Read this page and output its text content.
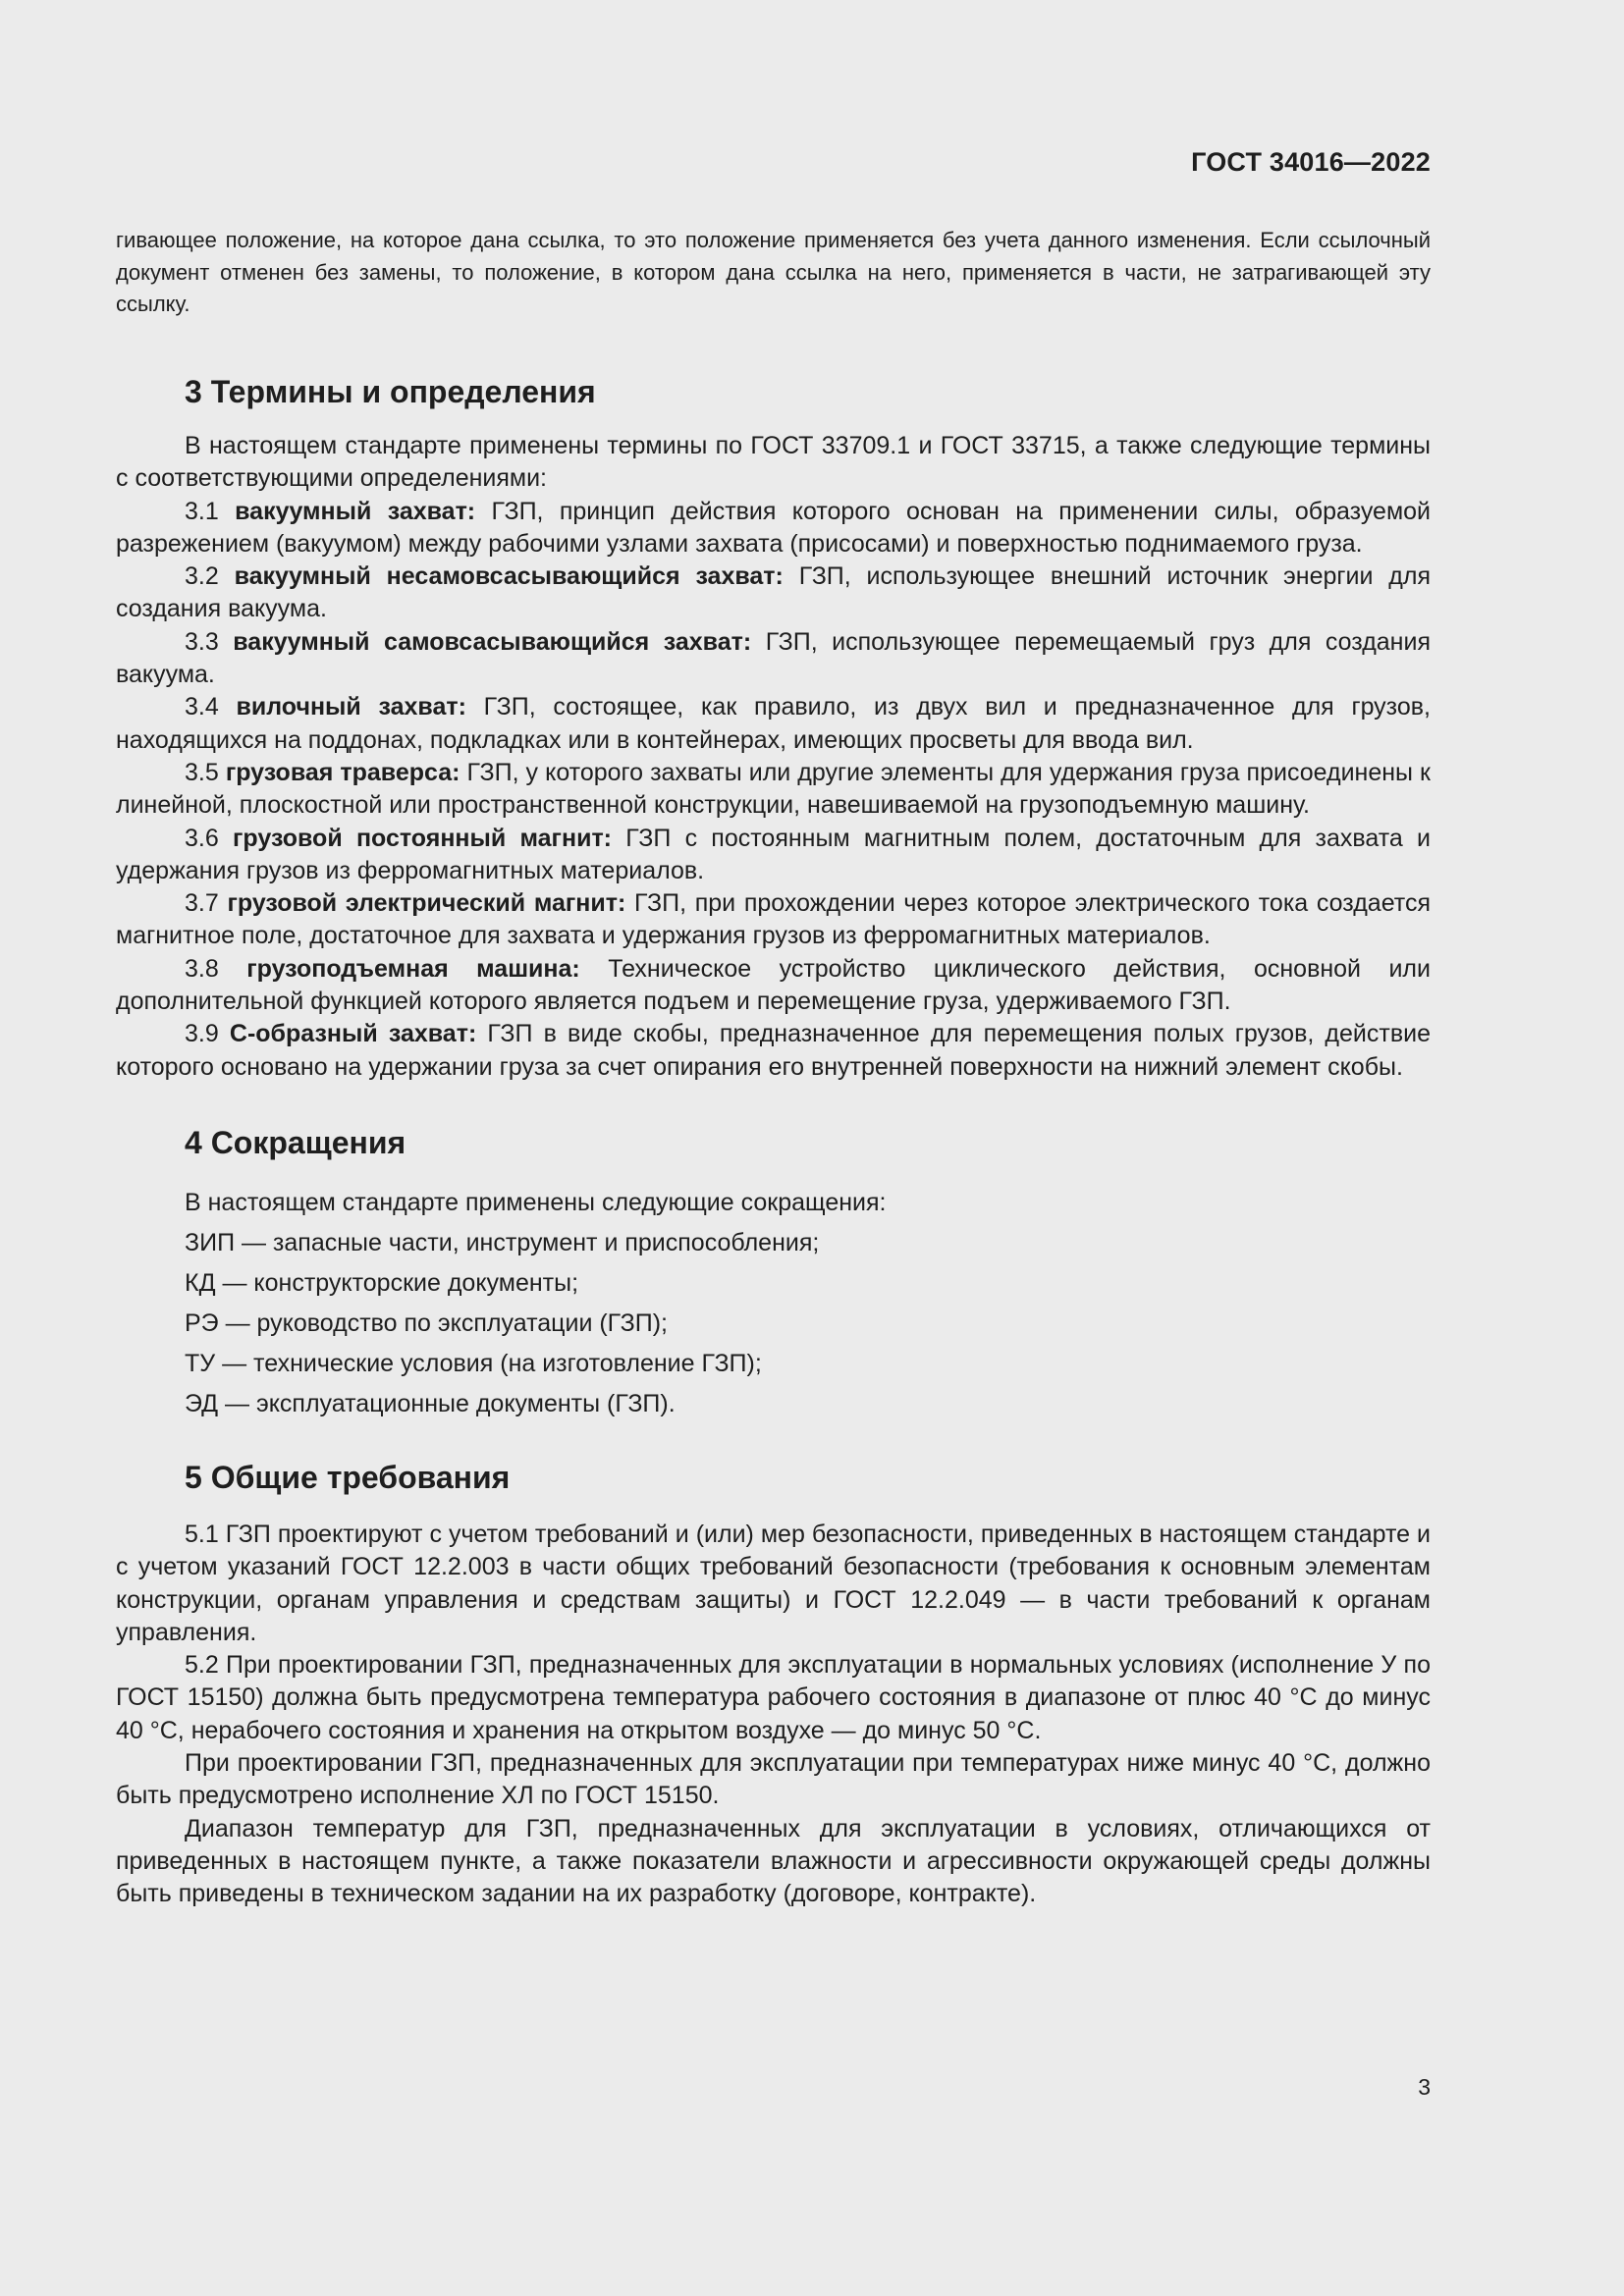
ГОСТ 34016—2022
гивающее положение, на которое дана ссылка, то это положение применяется без учета данного изменения. Если ссылочный документ отменен без замены, то положение, в котором дана ссылка на него, применяется в части, не затрагивающей эту ссылку.
3 Термины и определения

В настоящем стандарте применены термины по ГОСТ 33709.1 и ГОСТ 33715, а также следующие термины с соответствующими определениями:

3.1 вакуумный захват: ГЗП, принцип действия которого основан на применении силы, образуемой разрежением (вакуумом) между рабочими узлами захвата (присосами) и поверхностью поднимаемого груза.

3.2 вакуумный несамовсасывающийся захват: ГЗП, использующее внешний источник энергии для создания вакуума.

3.3 вакуумный самовсасывающийся захват: ГЗП, использующее перемещаемый груз для создания вакуума.

3.4 вилочный захват: ГЗП, состоящее, как правило, из двух вил и предназначенное для грузов, находящихся на поддонах, подкладках или в контейнерах, имеющих просветы для ввода вил.

3.5 грузовая траверса: ГЗП, у которого захваты или другие элементы для удержания груза присоединены к линейной, плоскостной или пространственной конструкции, навешиваемой на грузоподъемную машину.

3.6 грузовой постоянный магнит: ГЗП с постоянным магнитным полем, достаточным для захвата и удержания грузов из ферромагнитных материалов.

3.7 грузовой электрический магнит: ГЗП, при прохождении через которое электрического тока создается магнитное поле, достаточное для захвата и удержания грузов из ферромагнитных материалов.

3.8 грузоподъемная машина: Техническое устройство циклического действия, основной или дополнительной функцией которого является подъем и перемещение груза, удерживаемого ГЗП.

3.9 С-образный захват: ГЗП в виде скобы, предназначенное для перемещения полых грузов, действие которого основано на удержании груза за счет опирания его внутренней поверхности на нижний элемент скобы.

4 Сокращения
В настоящем стандарте применены следующие сокращения:
ЗИП — запасные части, инструмент и приспособления;
КД — конструкторские документы;
РЭ — руководство по эксплуатации (ГЗП);
ТУ — технические условия (на изготовление ГЗП);
ЭД — эксплуатационные документы (ГЗП).
5 Общие требования

5.1 ГЗП проектируют с учетом требований и (или) мер безопасности, приведенных в настоящем стандарте и с учетом указаний ГОСТ 12.2.003 в части общих требований безопасности (требования к основным элементам конструкции, органам управления и средствам защиты) и ГОСТ 12.2.049 — в части требований к органам управления.

5.2 При проектировании ГЗП, предназначенных для эксплуатации в нормальных условиях (исполнение У по ГОСТ 15150) должна быть предусмотрена температура рабочего состояния в диапазоне от плюс 40 °С до минус 40 °С, нерабочего состояния и хранения на открытом воздухе — до минус 50 °С.

При проектировании ГЗП, предназначенных для эксплуатации при температурах ниже минус 40 °С, должно быть предусмотрено исполнение ХЛ по ГОСТ 15150.

Диапазон температур для ГЗП, предназначенных для эксплуатации в условиях, отличающихся от приведенных в настоящем пункте, а также показатели влажности и агрессивности окружающей среды должны быть приведены в техническом задании на их разработку (договоре, контракте).

3
